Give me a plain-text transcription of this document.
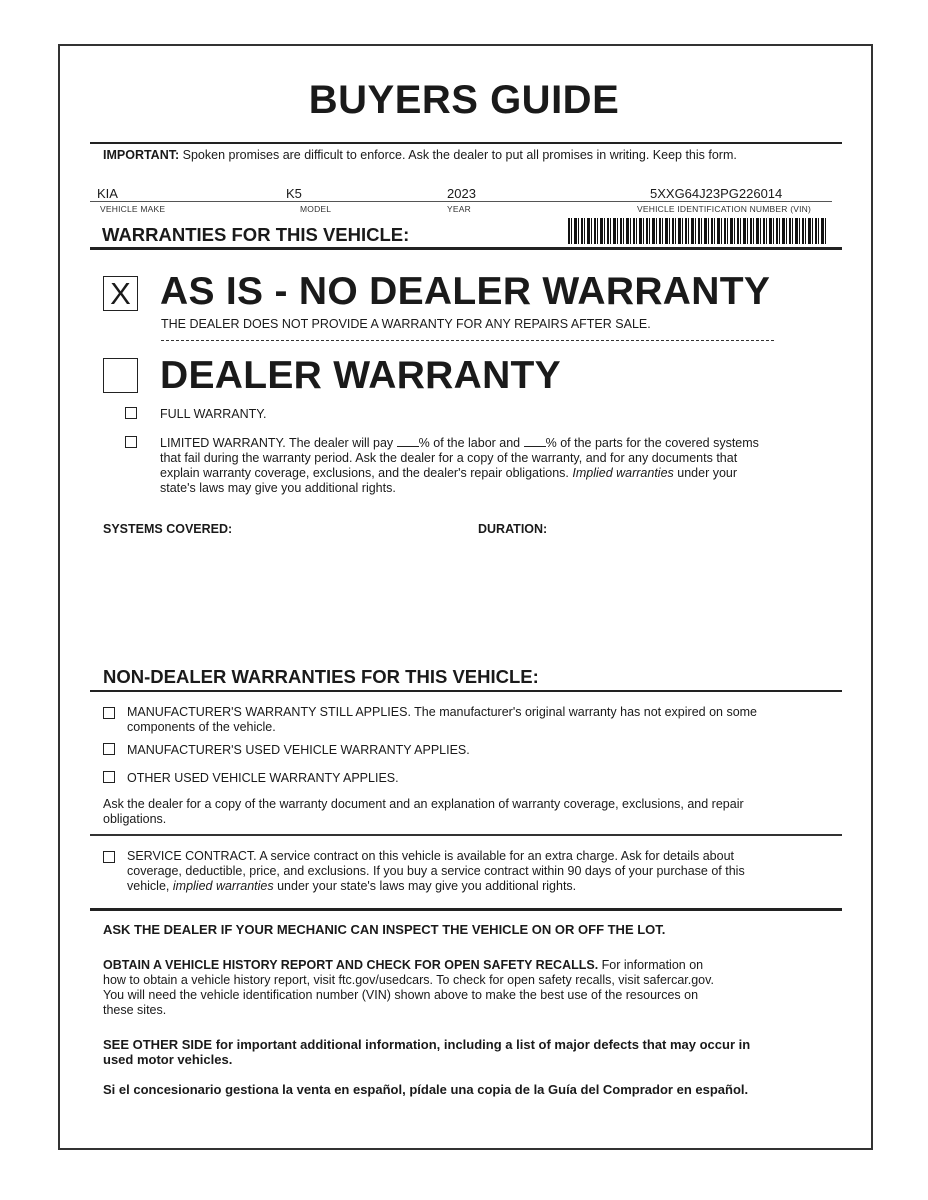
BUYERS GUIDE
IMPORTANT: Spoken promises are difficult to enforce. Ask the dealer to put all promises in writing. Keep this form.
KIA	K5	2023	5XXG64J23PG226014
VEHICLE MAKE	MODEL	YEAR	VEHICLE IDENTIFICATION NUMBER (VIN)
WARRANTIES FOR THIS VEHICLE:
X AS IS - NO DEALER WARRANTY
THE DEALER DOES NOT PROVIDE A WARRANTY FOR ANY REPAIRS AFTER SALE.
DEALER WARRANTY
FULL WARRANTY.
LIMITED WARRANTY. The dealer will pay % of the labor and % of the parts for the covered systems
that fail during the warranty period. Ask the dealer for a copy of the warranty, and for any documents that
explain warranty coverage, exclusions, and the dealer's repair obligations. Implied warranties under your
state's laws may give you additional rights.
SYSTEMS COVERED:	DURATION:
NON-DEALER WARRANTIES FOR THIS VEHICLE:
MANUFACTURER'S WARRANTY STILL APPLIES. The manufacturer's original warranty has not expired on some
components of the vehicle.
MANUFACTURER'S USED VEHICLE WARRANTY APPLIES.
OTHER USED VEHICLE WARRANTY APPLIES.
Ask the dealer for a copy of the warranty document and an explanation of warranty coverage, exclusions, and repair
obligations.
SERVICE CONTRACT. A service contract on this vehicle is available for an extra charge. Ask for details about
coverage, deductible, price, and exclusions. If you buy a service contract within 90 days of your purchase of this
vehicle, implied warranties under your state's laws may give you additional rights.
ASK THE DEALER IF YOUR MECHANIC CAN INSPECT THE VEHICLE ON OR OFF THE LOT.
OBTAIN A VEHICLE HISTORY REPORT AND CHECK FOR OPEN SAFETY RECALLS. For information on
how to obtain a vehicle history report, visit ftc.gov/usedcars. To check for open safety recalls, visit safercar.gov.
You will need the vehicle identification number (VIN) shown above to make the best use of the resources on
these sites.
SEE OTHER SIDE for important additional information, including a list of major defects that may occur in
used motor vehicles.
Si el concesionario gestiona la venta en español, pídale una copia de la Guía del Comprador en español.
